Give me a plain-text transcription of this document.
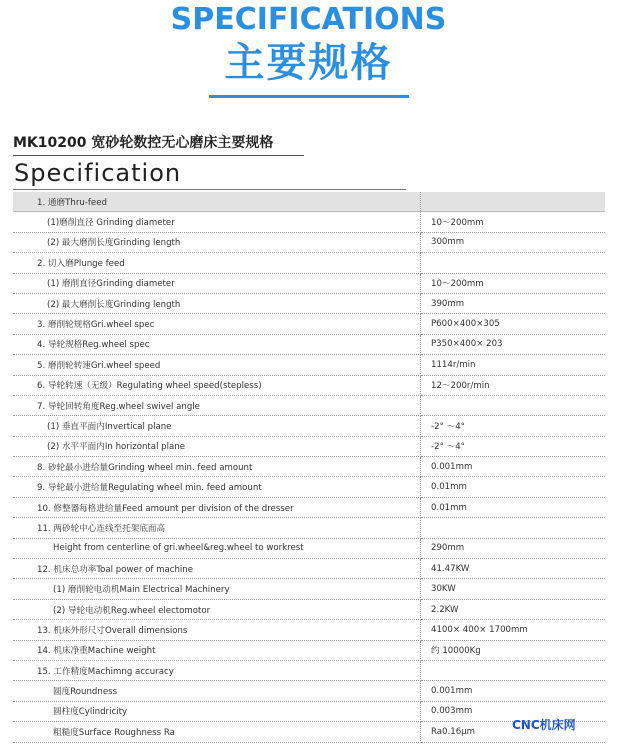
SPECIFICATIONS
主要规格
MK10200 宽砂轮数控无心磨床主要规格
Specification
1. 通磨Thru-feed	
(1)磨削直径 Grinding diameter	10～200mm
(2) 最大磨削长度Grinding length	300mm
2. 切入磨Plunge feed	
(1) 磨削直径Grinding diameter	10～200mm
(2) 最大磨削长度Grinding length	390mm
3. 磨削轮规格Gri.wheel spec	P600×400×305
4. 导轮规格Reg.wheel spec	P350×400× 203
5. 磨削轮转速Gri.wheel speed	1114r/min
6. 导轮转速（无级）Regulating wheel speed(stepless)	12～200r/min
7. 导轮回转角度Reg.wheel swivel angle	
(1) 垂直平面内Invertical plane	-2° ～4°
(2) 水平平面内In horizontal plane	-2° ～4°
8. 砂轮最小进给量Grinding wheel min. feed amount	0.001mm
9. 导轮最小进给量Regulating wheel min. feed amount	0.01mm
10. 修整器每格进给量Feed amount per division of the dresser	0.01mm
11. 两砂轮中心连线至托架底面高	
Height from centerline of gri.wheel&reg.wheel to workrest	290mm
12. 机床总功率Toal power of machine	41.47KW
(1) 磨削轮电动机Main Electrical Machinery	30KW
(2) 导轮电动机Reg.wheel electomotor	2.2KW
13. 机床外形尺寸Overall dimensions	4100× 400× 1700mm
14. 机床净重Machine weight	约 10000Kg
15. 工作精度Machimng accuracy	
圆度Roundness	0.001mm
圆柱度Cylindricity	0.003mm
粗糙度Surface Roughness Ra	Ra0.16μm	CNC机床网
